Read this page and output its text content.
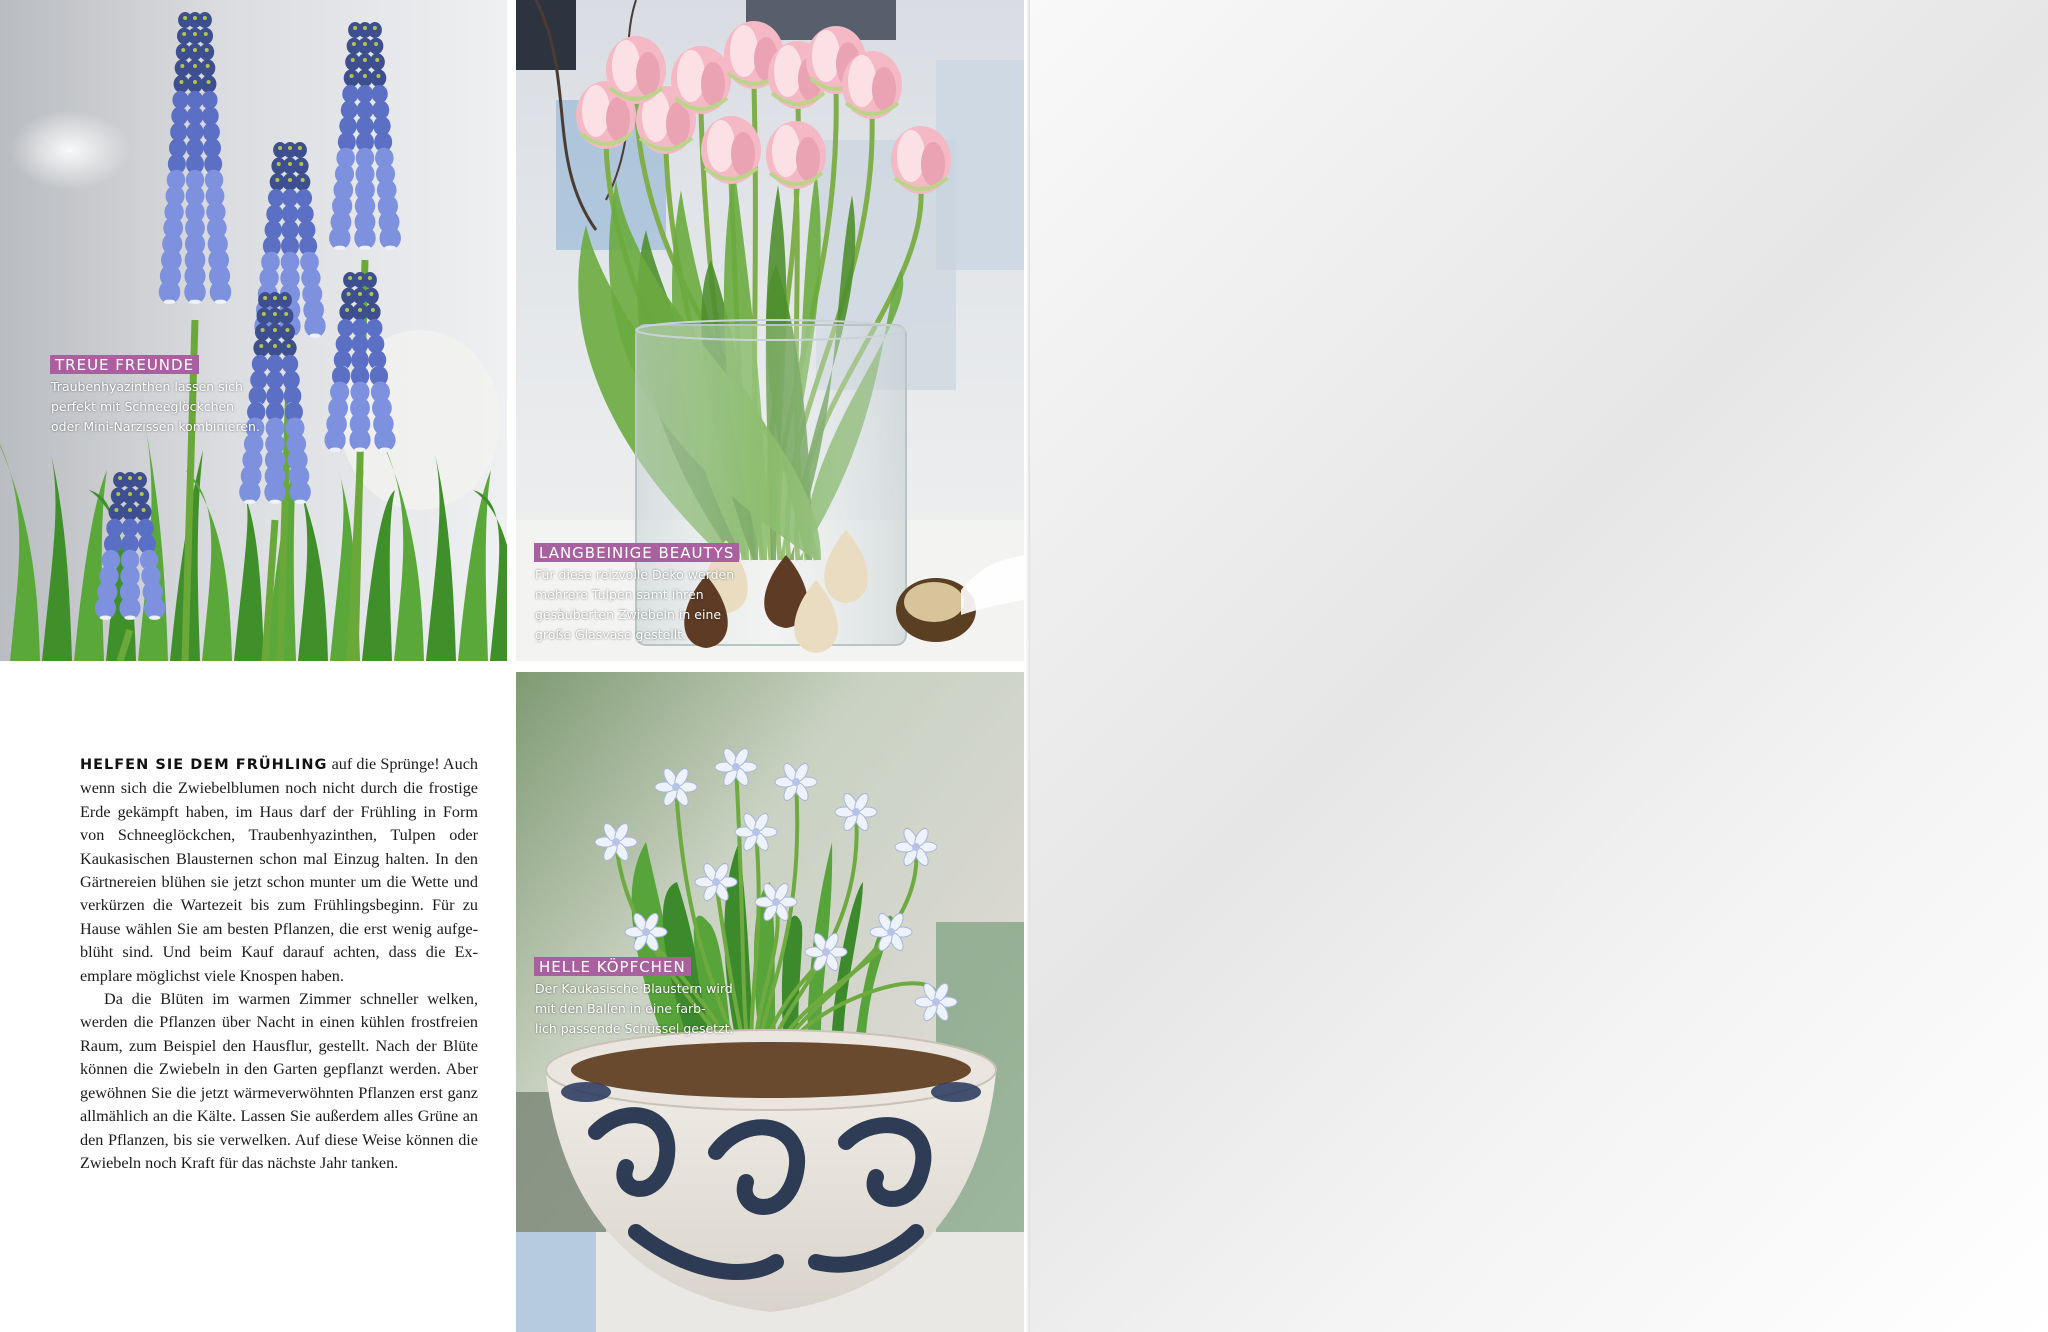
TREUE FREUNDE
Traubenhyazinthen lassen sich
perfekt mit Schneeglöckchen
oder Mini-Narzissen kombinieren.
LANGBEINIGE BEAUTYS
Für diese reizvolle Deko werden
mehrere Tulpen samt ihren
gesäuberten Zwiebeln in eine
große Glasvase gestellt.
HELLE KÖPFCHEN
Der Kaukasische Blaustern wird
mit den Ballen in eine farb-
lich passende Schüssel gesetzt.

HELFEN SIE DEM FRÜHLING auf die Sprünge! Auch wenn sich die Zwiebelblumen noch nicht durch die frostige Erde gekämpft haben, im Haus darf der Frühling in Form von Schneeglöckchen, Traubenhyazinthen, Tulpen oder Kaukasischen Blausternen schon mal Einzug halten. In den Gärtnereien blühen sie jetzt schon munter um die Wette und verkürzen die Wartezeit bis zum Frühlingsbeginn. Für zu Hause wählen Sie am besten Pflanzen, die erst wenig aufgeblüht sind. Und beim Kauf darauf achten, dass die Exemplare möglichst viele Knospen haben.

Da die Blüten im warmen Zimmer schneller welken, werden die Pflanzen über Nacht in einen kühlen frostfreien Raum, zum Beispiel den Hausflur, gestellt. Nach der Blüte können die Zwiebeln in den Garten gepflanzt werden. Aber gewöhnen Sie die jetzt wärmeverwöhnten Pflanzen erst ganz allmählich an die Kälte. Lassen Sie außerdem alles Grüne an den Pflanzen, bis sie verwelken. Auf diese Weise können die Zwiebeln noch Kraft für das nächste Jahr tanken.
